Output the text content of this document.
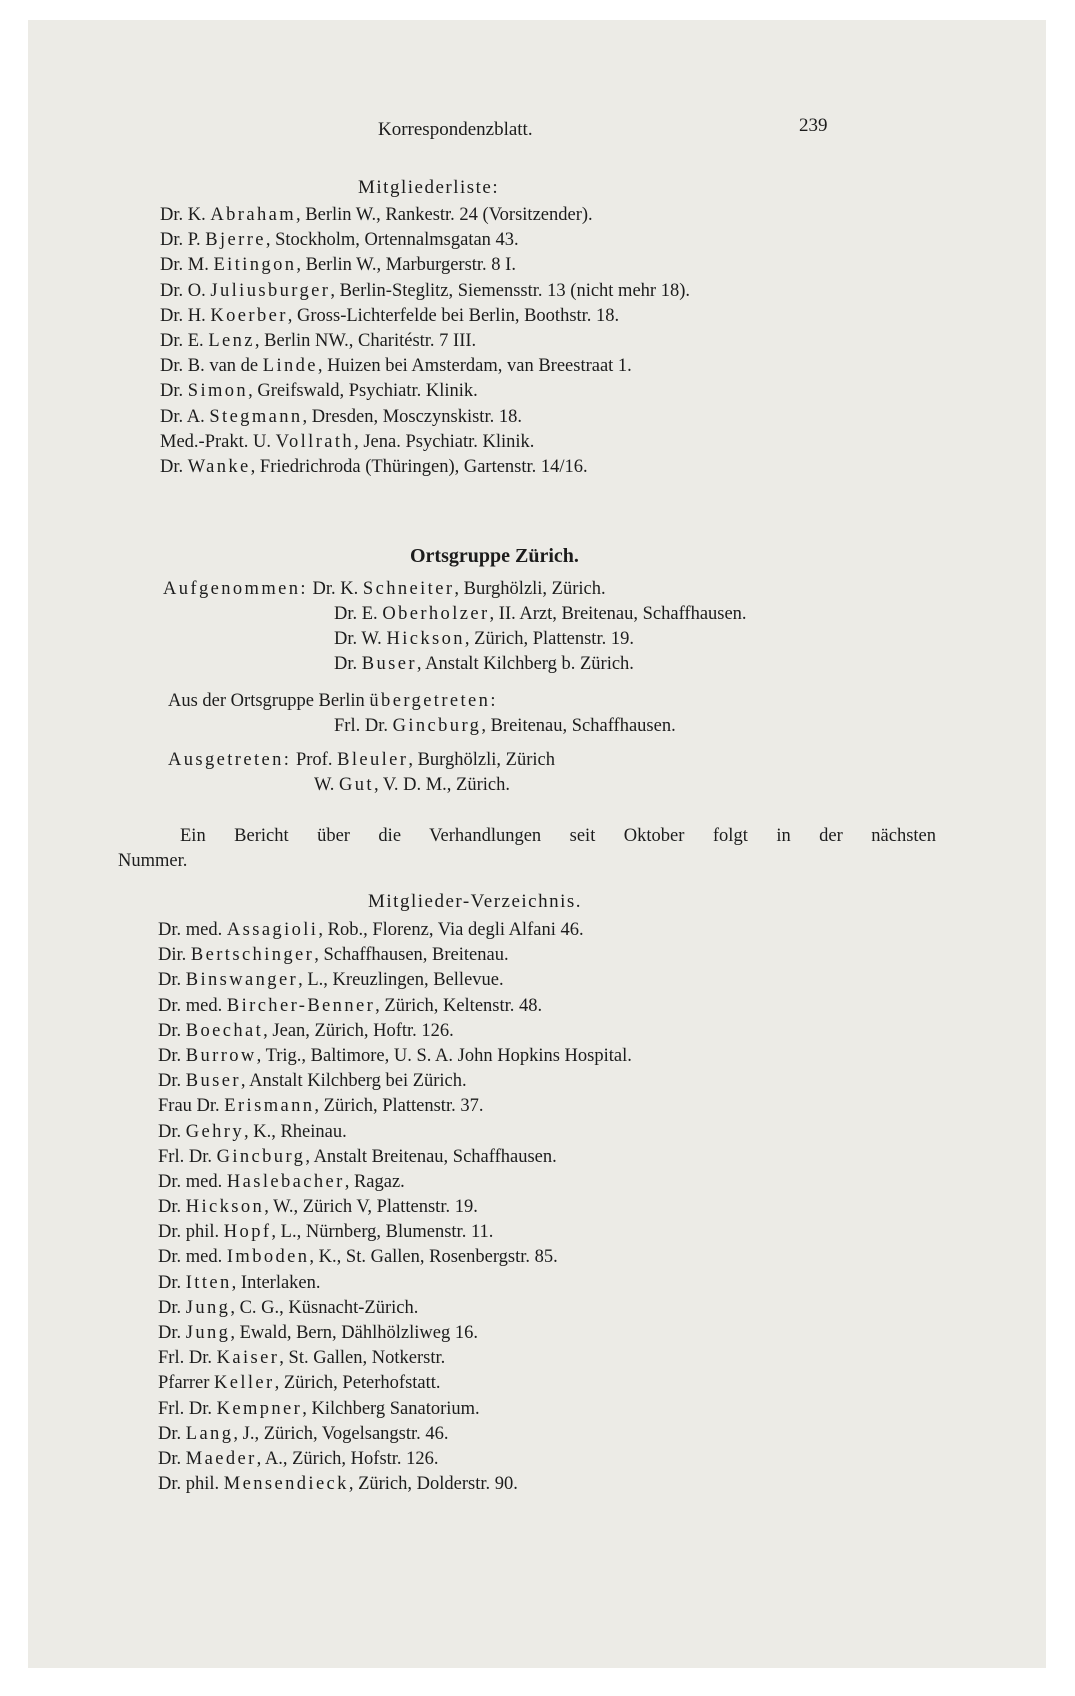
Korrespondenzblatt.	239
Mitgliederliste:
Dr. K. Abraham, Berlin W., Rankestr. 24 (Vorsitzender).
Dr. P. Bjerre, Stockholm, Ortennalmsgatan 43.
Dr. M. Eitingon, Berlin W., Marburgerstr. 8 I.
Dr. O. Juliusburger, Berlin-Steglitz, Siemensstr. 13 (nicht mehr 18).
Dr. H. Koerber, Gross-Lichterfelde bei Berlin, Boothstr. 18.
Dr. E. Lenz, Berlin NW., Charitéstr. 7 III.
Dr. B. van de Linde, Huizen bei Amsterdam, van Breestraat 1.
Dr. Simon, Greifswald, Psychiatr. Klinik.
Dr. A. Stegmann, Dresden, Mosczynskistr. 18.
Med.-Prakt. U. Vollrath, Jena. Psychiatr. Klinik.
Dr. Wanke, Friedrichroda (Thüringen), Gartenstr. 14/16.
Ortsgruppe Zürich.
Aufgenommen: Dr. K. Schneiter, Burghölzli, Zürich.
Dr. E. Oberholzer, II. Arzt, Breitenau, Schaffhausen.
Dr. W. Hickson, Zürich, Plattenstr. 19.
Dr. Buser, Anstalt Kilchberg b. Zürich.
Aus der Ortsgruppe Berlin übergetreten:
Frl. Dr. Gincburg, Breitenau, Schaffhausen.
Ausgetreten: Prof. Bleuler, Burghölzli, Zürich
W. Gut, V. D. M., Zürich.
Ein Bericht über die Verhandlungen seit Oktober folgt in der nächsten
Nummer.
Mitglieder-Verzeichnis.
Dr. med. Assagioli, Rob., Florenz, Via degli Alfani 46.
Dir. Bertschinger, Schaffhausen, Breitenau.
Dr. Binswanger, L., Kreuzlingen, Bellevue.
Dr. med. Bircher-Benner, Zürich, Keltenstr. 48.
Dr. Boechat, Jean, Zürich, Hoftr. 126.
Dr. Burrow, Trig., Baltimore, U. S. A. John Hopkins Hospital.
Dr. Buser, Anstalt Kilchberg bei Zürich.
Frau Dr. Erismann, Zürich, Plattenstr. 37.
Dr. Gehry, K., Rheinau.
Frl. Dr. Gincburg, Anstalt Breitenau, Schaffhausen.
Dr. med. Haslebacher, Ragaz.
Dr. Hickson, W., Zürich V, Plattenstr. 19.
Dr. phil. Hopf, L., Nürnberg, Blumenstr. 11.
Dr. med. Imboden, K., St. Gallen, Rosenbergstr. 85.
Dr. Itten, Interlaken.
Dr. Jung, C. G., Küsnacht-Zürich.
Dr. Jung, Ewald, Bern, Dählhölzliweg 16.
Frl. Dr. Kaiser, St. Gallen, Notkerstr.
Pfarrer Keller, Zürich, Peterhofstatt.
Frl. Dr. Kempner, Kilchberg Sanatorium.
Dr. Lang, J., Zürich, Vogelsangstr. 46.
Dr. Maeder, A., Zürich, Hofstr. 126.
Dr. phil. Mensendieck, Zürich, Dolderstr. 90.
